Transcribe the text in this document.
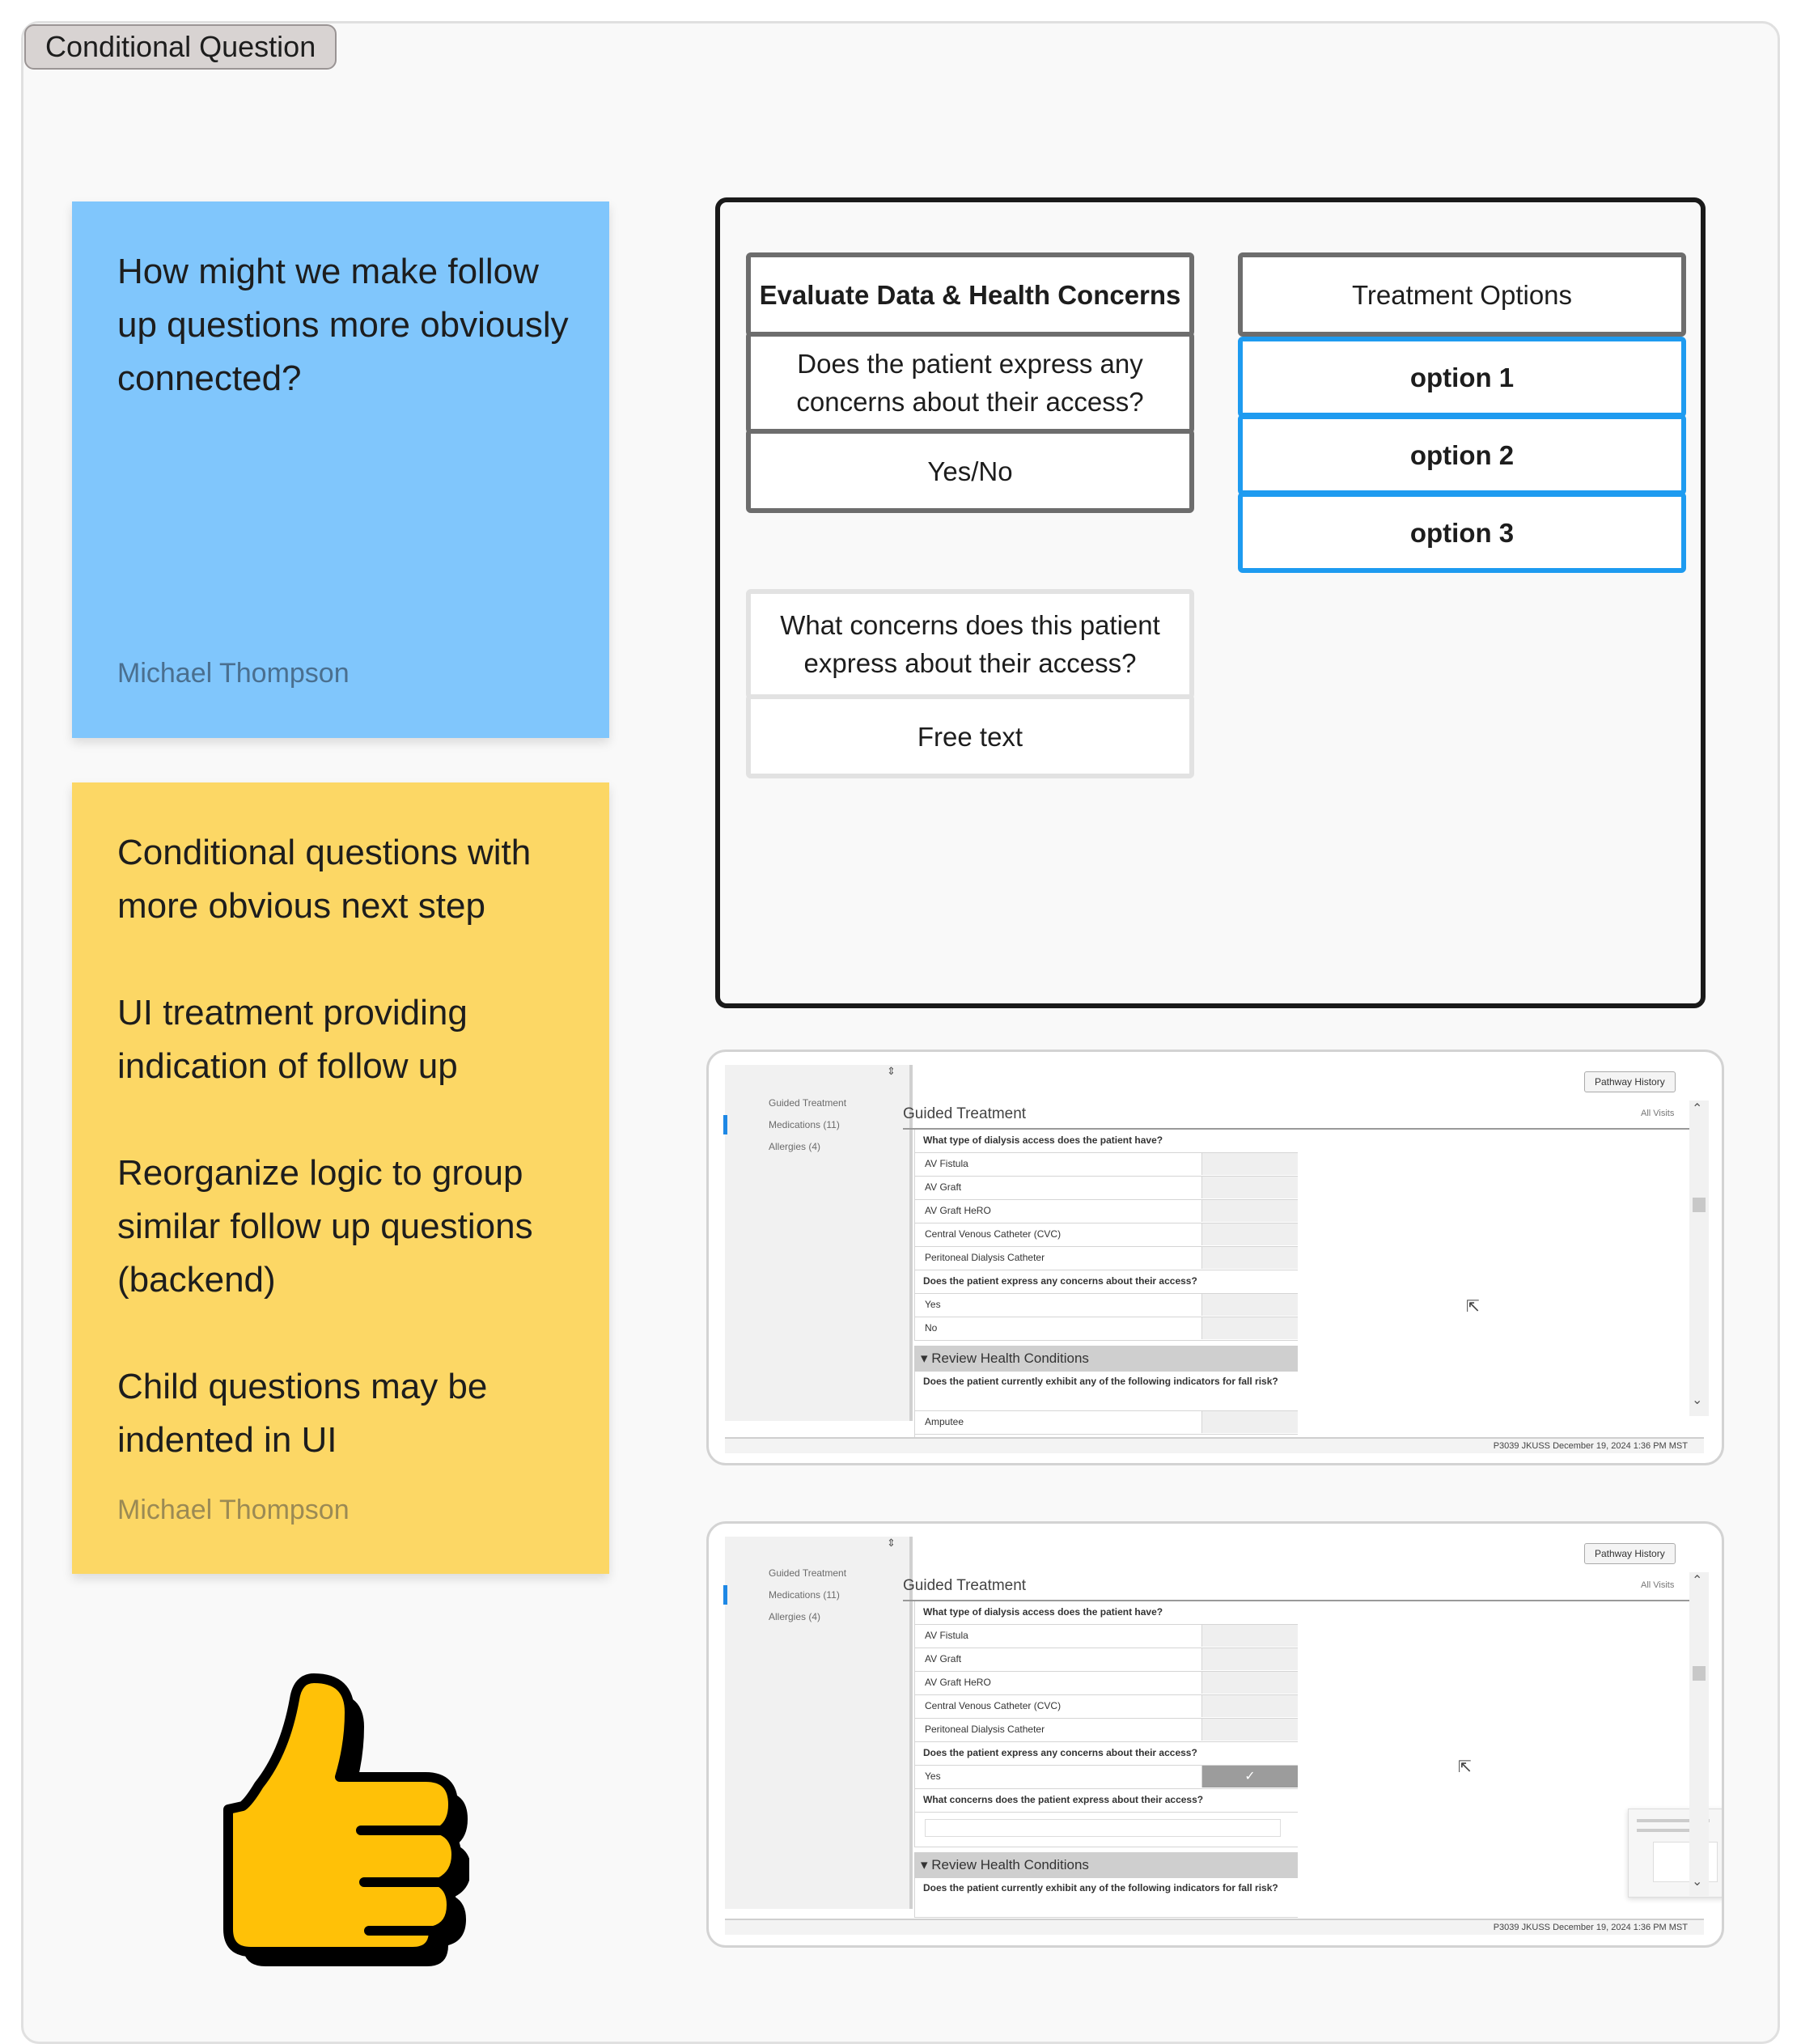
Conditional Question
How might we make follow up questions more obviously connected?
Michael Thompson
Conditional questions with more obvious next step
UI treatment providing indication of follow up
Reorganize logic to group similar follow up questions (backend)
Child questions may be indented in UI
Michael Thompson
Evaluate Data & Health Concerns
Does the patient express any concerns about their access?
Yes/No
What concerns does this patient express about their access?
Free text
Treatment Options
option 1
option 2
option 3
⇕
Guided Treatment
Medications (11)
Allergies (4)
Pathway History
All Visits
Guided Treatment
What type of dialysis access does the patient have?
AV Fistula
AV Graft
AV Graft HeRO
Central Venous Catheter (CVC)
Peritoneal Dialysis Catheter
Does the patient express any concerns about their access?
Yes
No
▾ Review Health Conditions
Does the patient currently exhibit any of the following indicators for fall risk?
Amputee
⇱
⌃
⌄
P3039 JKUSS December 19, 2024 1:36 PM MST
⇕
Guided Treatment
Medications (11)
Allergies (4)
Pathway History
All Visits
Guided Treatment
What type of dialysis access does the patient have?
AV Fistula
AV Graft
AV Graft HeRO
Central Venous Catheter (CVC)
Peritoneal Dialysis Catheter
Does the patient express any concerns about their access?
Yes	✓
What concerns does the patient express about their access?
▾ Review Health Conditions
Does the patient currently exhibit any of the following indicators for fall risk?
⇱
⌃
⌄
P3039 JKUSS December 19, 2024 1:36 PM MST
